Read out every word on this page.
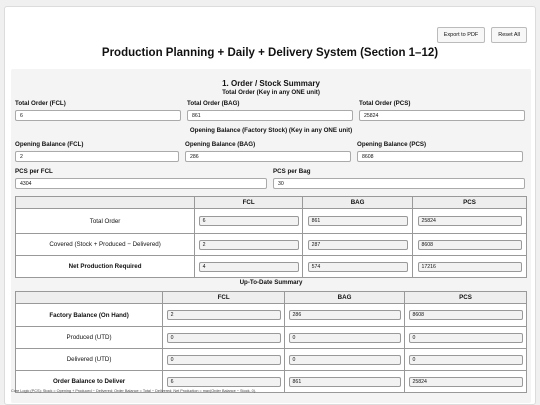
Export to PDF	Reset All
Production Planning + Daily + Delivery System (Section 1–12)
1. Order / Stock Summary
Total Order (Key in any ONE unit)
Total Order (FCL)
6
Total Order (BAG)
861
Total Order (PCS)
25824
Opening Balance (Factory Stock) (Key in any ONE unit)
Opening Balance (FCL)
2
Opening Balance (BAG)
286
Opening Balance (PCS)
8608
PCS per FCL
4304
PCS per Bag
30
	FCL	BAG	PCS
Total Order	6	861	25824

Covered (Stock + Produced − Delivered)	2	287	8608

Net Production Required	4	574	17216
Up-To-Date Summary
	FCL	BAG	PCS
Factory Balance (On Hand)	2	286	8608

Produced (UTD)	0	0	0

Delivered (UTD)	0	0	0

Order Balance to Deliver	6	861	25824
Core Logic (PCS): Stock = Opening + Produced − Delivered; Order Balance = Total − Delivered; Net Production = max(Order Balance − Stock, 0).
